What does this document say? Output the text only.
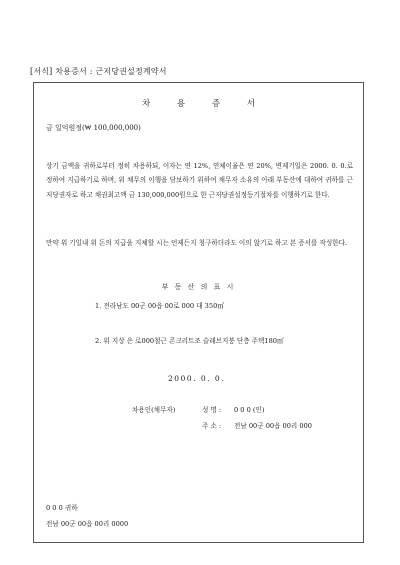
[서식] 차용증서 : 근저당권설정계약서
차 용 증 서
금 일억원정(₩ 100,000,000)
상기 금액을 귀하로부터 정히 차용하되, 이자는 연 12%, 연체이율은 연 20%, 변제기일은 2000. 0. 0.로 정하여 지급하기로 하며, 위 채무의 이행을 담보하기 위하여 채무자 소유의 아래 부동산에 대하여 귀하를 근저당권자로 하고 채권최고액 금 130,000,000원으로 한 근저당권설정등기절차를 이행하기로 한다.
만약 위 기일내 위 돈의 지급을 지체할 시는 언제든지 청구하더라도 이의 않기로 하고 본 증서를 작성한다.
부 동 산 의 표 시
1. 전라남도 00군 00읍 00로 000 대 350㎡
2. 위 지상 은 로000철근 콘크리트조 슬래브지붕 단층 주택180㎡
2000. 0. 0.
차용인(채무자)	성 명 : 0 0 0 (인)
주 소 : 전남 00군 00읍 00리 000
0 0 0 귀하
전남 00군 00읍 00리 0000
